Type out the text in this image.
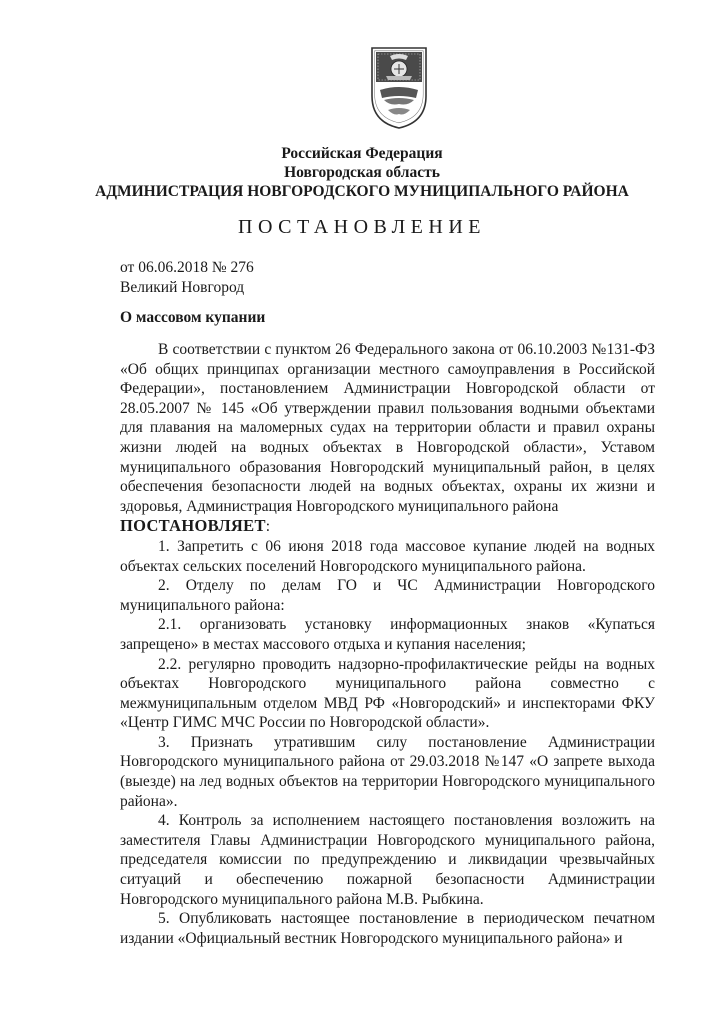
Российская Федерация
Новгородская область
АДМИНИСТРАЦИЯ НОВГОРОДСКОГО МУНИЦИПАЛЬНОГО РАЙОНА
ПОСТАНОВЛЕНИЕ
от 06.06.2018 № 276
Великий Новгород
О массовом купании

В соответствии с пунктом 26 Федерального закона от 06.10.2003 №131-ФЗ «Об общих принципах организации местного самоуправления в Российской Федерации», постановлением Администрации Новгородской области от 28.05.2007 № 145 «Об утверждении правил пользования водными объектами для плавания на маломерных судах на территории области и правил охраны жизни людей на водных объектах в Новгородской области», Уставом муниципального образования Новгородский муниципальный район, в целях обеспечения безопасности людей на водных объектах, охраны их жизни и здоровья, Администрация Новгородского муниципального района

ПОСТАНОВЛЯЕТ:

1. Запретить с 06 июня 2018 года массовое купание людей на водных объектах сельских поселений Новгородского муниципального района.

2. Отделу по делам ГО и ЧС Администрации Новгородского муниципального района:

2.1. организовать установку информационных знаков «Купаться запрещено» в местах массового отдыха и купания населения;

2.2. регулярно проводить надзорно-профилактические рейды на водных объектах Новгородского муниципального района совместно с межмуниципальным отделом МВД РФ «Новгородский» и инспекторами ФКУ «Центр ГИМС МЧС России по Новгородской области».

3. Признать утратившим силу постановление Администрации Новгородского муниципального района от 29.03.2018 №147 «О запрете выхода (выезде) на лед водных объектов на территории Новгородского муниципального района».

4. Контроль за исполнением настоящего постановления возложить на заместителя Главы Администрации Новгородского муниципального района, председателя комиссии по предупреждению и ликвидации чрезвычайных ситуаций и обеспечению пожарной безопасности Администрации Новгородского муниципального района М.В. Рыбкина.

5. Опубликовать настоящее постановление в периодическом печатном издании «Официальный вестник Новгородского муниципального района» и
